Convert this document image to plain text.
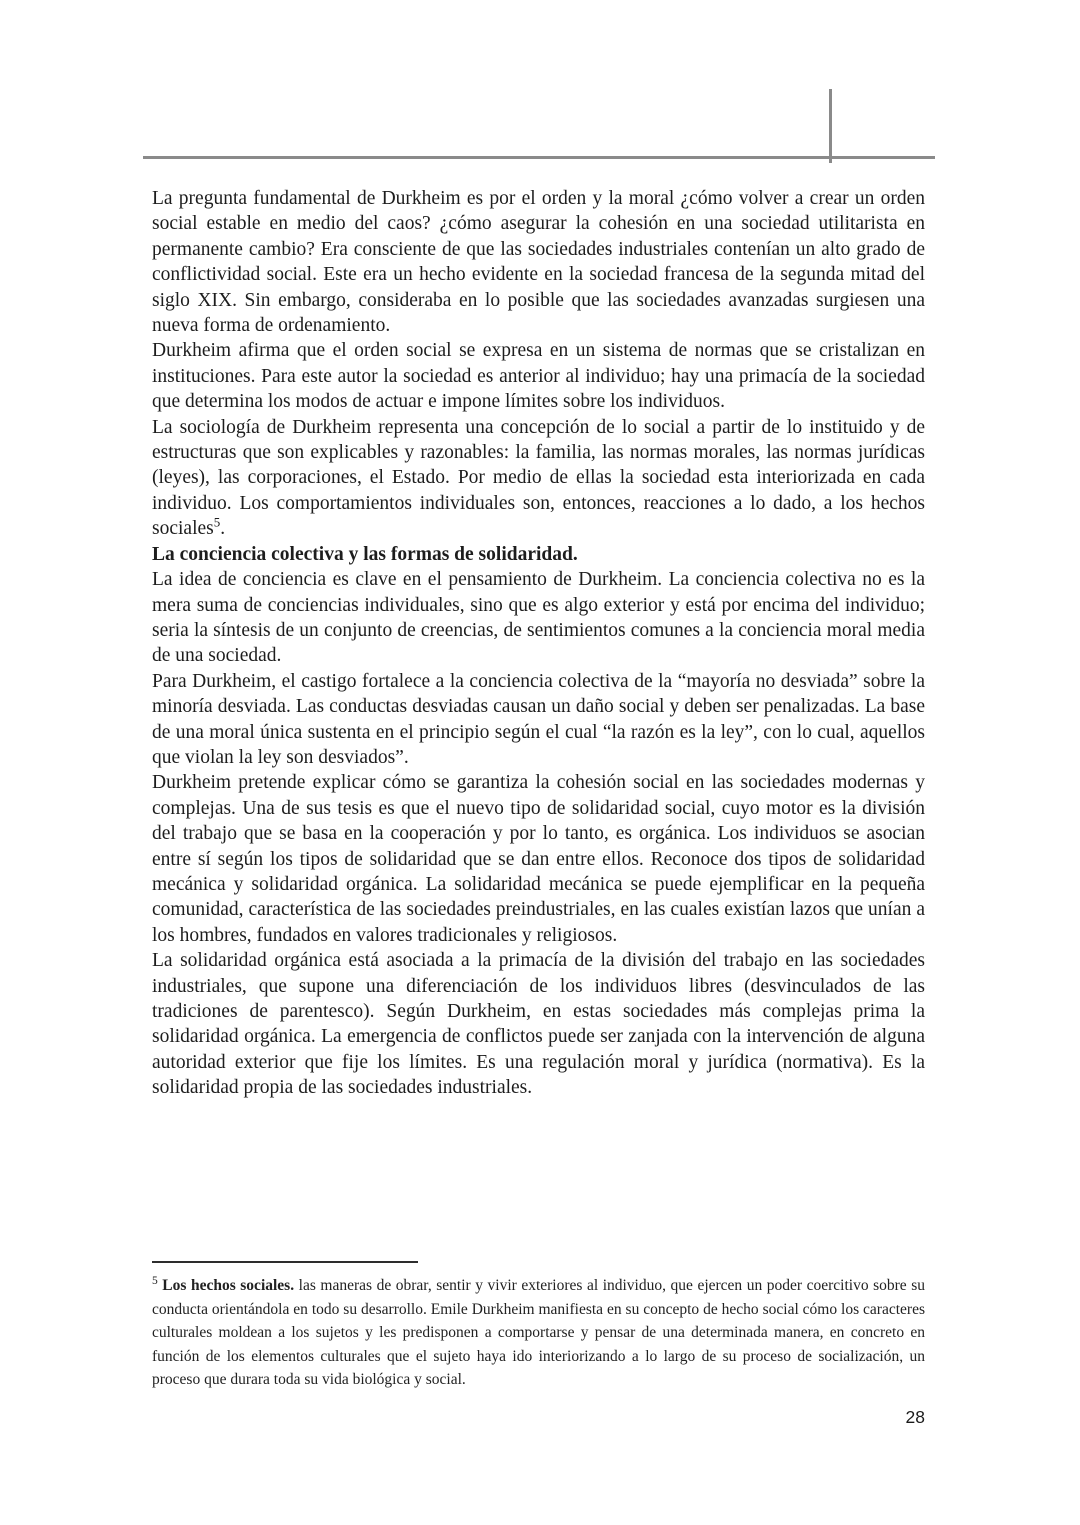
La pregunta fundamental de Durkheim es por el orden y la moral ¿cómo volver a crear un orden social estable en medio del caos? ¿cómo asegurar la cohesión en una sociedad utilitarista en permanente cambio? Era consciente de que las sociedades industriales contenían un alto grado de conflictividad social. Este era un hecho evidente en la sociedad francesa de la segunda mitad del siglo XIX. Sin embargo, consideraba en lo posible que las sociedades avanzadas surgiesen una nueva forma de ordenamiento.

Durkheim afirma que el orden social se expresa en un sistema de normas que se cristalizan en instituciones. Para este autor la sociedad es anterior al individuo; hay una primacía de la sociedad que determina los modos de actuar e impone límites sobre los individuos.

La sociología de Durkheim representa una concepción de lo social a partir de lo instituido y de estructuras que son explicables y razonables: la familia, las normas morales, las normas jurídicas (leyes), las corporaciones, el Estado. Por medio de ellas la sociedad esta interiorizada en cada individuo. Los comportamientos individuales son, entonces, reacciones a lo dado, a los hechos sociales$^5$.

La conciencia colectiva y las formas de solidaridad.

La idea de conciencia es clave en el pensamiento de Durkheim. La conciencia colectiva no es la mera suma de conciencias individuales, sino que es algo exterior y está por encima del individuo; seria la síntesis de un conjunto de creencias, de sentimientos comunes a la conciencia moral media de una sociedad.

Para Durkheim, el castigo fortalece a la conciencia colectiva de la “mayoría no desviada” sobre la minoría desviada. Las conductas desviadas causan un daño social y deben ser penalizadas. La base de una moral única sustenta en el principio según el cual “la razón es la ley”, con lo cual, aquellos que violan la ley son desviados”.

Durkheim pretende explicar cómo se garantiza la cohesión social en las sociedades modernas y complejas. Una de sus tesis es que el nuevo tipo de solidaridad social, cuyo motor es la división del trabajo que se basa en la cooperación y por lo tanto, es orgánica. Los individuos se asocian entre sí según los tipos de solidaridad que se dan entre ellos. Reconoce dos tipos de solidaridad mecánica y solidaridad orgánica. La solidaridad mecánica se puede ejemplificar en la pequeña comunidad, característica de las sociedades preindustriales, en las cuales existían lazos que unían a los hombres, fundados en valores tradicionales y religiosos.

La solidaridad orgánica está asociada a la primacía de la división del trabajo en las sociedades industriales, que supone una diferenciación de los individuos libres (desvinculados de las tradiciones de parentesco). Según Durkheim, en estas sociedades más complejas prima la solidaridad orgánica. La emergencia de conflictos puede ser zanjada con la intervención de alguna autoridad exterior que fije los límites. Es una regulación moral y jurídica (normativa). Es la solidaridad propia de las sociedades industriales.

$^5$ Los hechos sociales. las maneras de obrar, sentir y vivir exteriores al individuo, que ejercen un poder coercitivo sobre su conducta orientándola en todo su desarrollo. Emile Durkheim manifiesta en su concepto de hecho social cómo los caracteres culturales moldean a los sujetos y les predisponen a comportarse y pensar de una determinada manera, en concreto en función de los elementos culturales que el sujeto haya ido interiorizando a lo largo de su proceso de socialización, un proceso que durara toda su vida biológica y social.
28
